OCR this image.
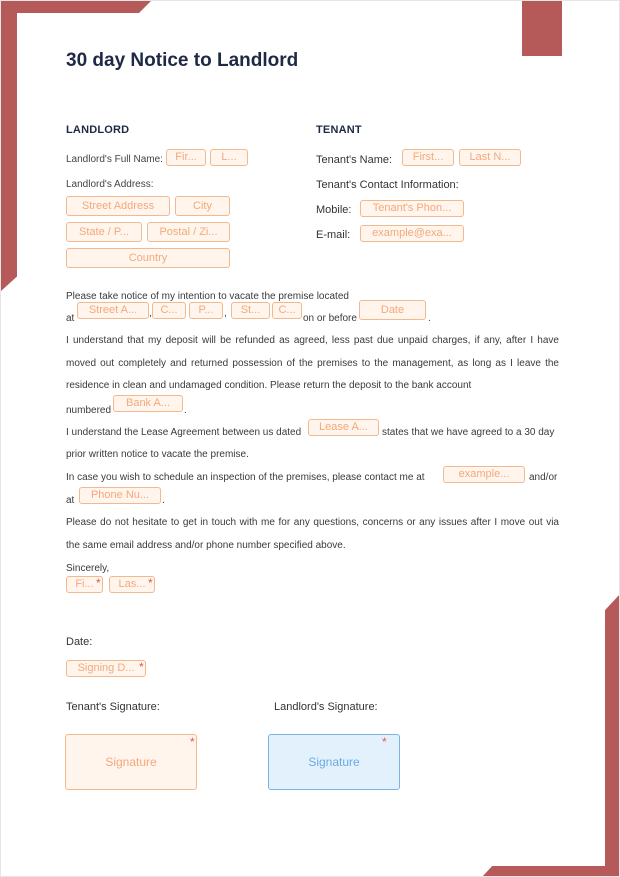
30 day Notice to Landlord
LANDLORD
Landlord's Full Name:	Fir...	L...
Landlord's Address:
Street Address	City
State / P...	Postal / Zi...
Country
TENANT
Tenant's Name:	First...	Last N...
Tenant's Contact Information:
Mobile:	Tenant's Phon...
E-mail:	example@exa...
Please take notice of my intention to vacate the premise located
at
Street A...	, C...	P...	,	St...	C...
on or before
Date
.
I understand that my deposit will be refunded as agreed, less past due unpaid charges, if any, after I have moved out completely and returned possession of the premises to the management, as long as I leave the residence in clean and undamaged condition. Please return the deposit to the bank account
numbered
Bank A...
.
I understand the Lease Agreement between us dated	Lease A...	states that we have agreed to a 30 day
prior written notice to vacate the premise.
In case you wish to schedule an inspection of the premises, please contact me at	example...	and/or
at	Phone Nu...	.
Please do not hesitate to get in touch with me for any questions, concerns or any issues after I move out via the same email address and/or phone number specified above.
Sincerely,
Fi... *	Las... *
Date:
Signing D... *
Tenant's Signature:	Landlord's Signature:
Signature
*
Signature
*
